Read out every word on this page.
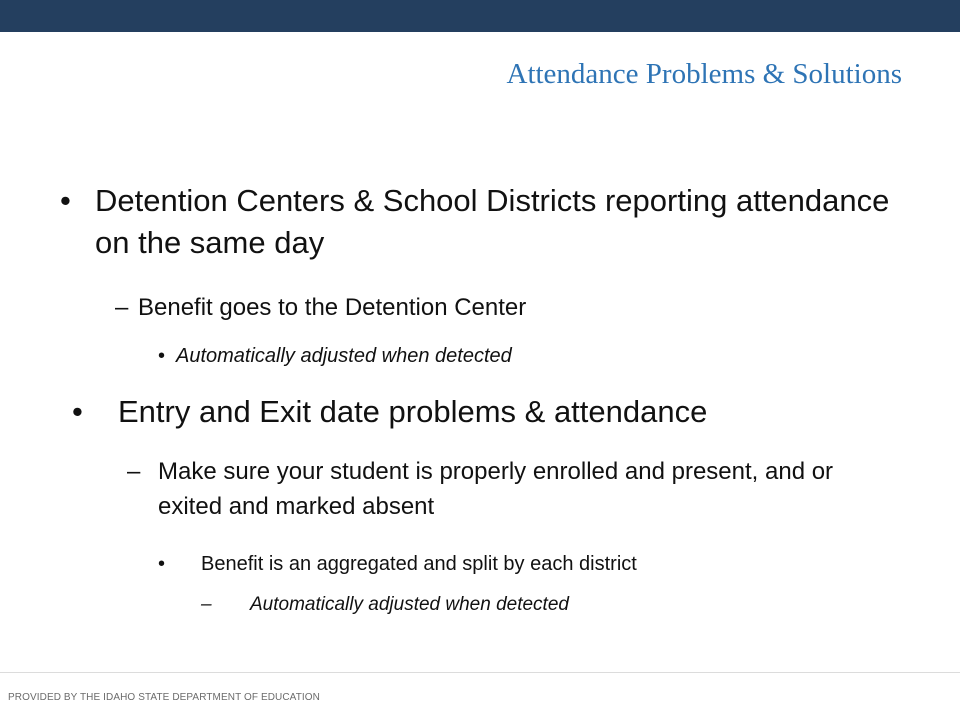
Attendance Problems & Solutions
• Detention Centers & School Districts reporting attendance on the same day
– Benefit goes to the Detention Center
• Automatically adjusted when detected
• Entry and Exit date problems & attendance
– Make sure your student is properly enrolled and present, and or exited and marked absent
• Benefit is an aggregated and split by each district
– Automatically adjusted when detected
PROVIDED BY THE IDAHO STATE DEPARTMENT OF EDUCATION
